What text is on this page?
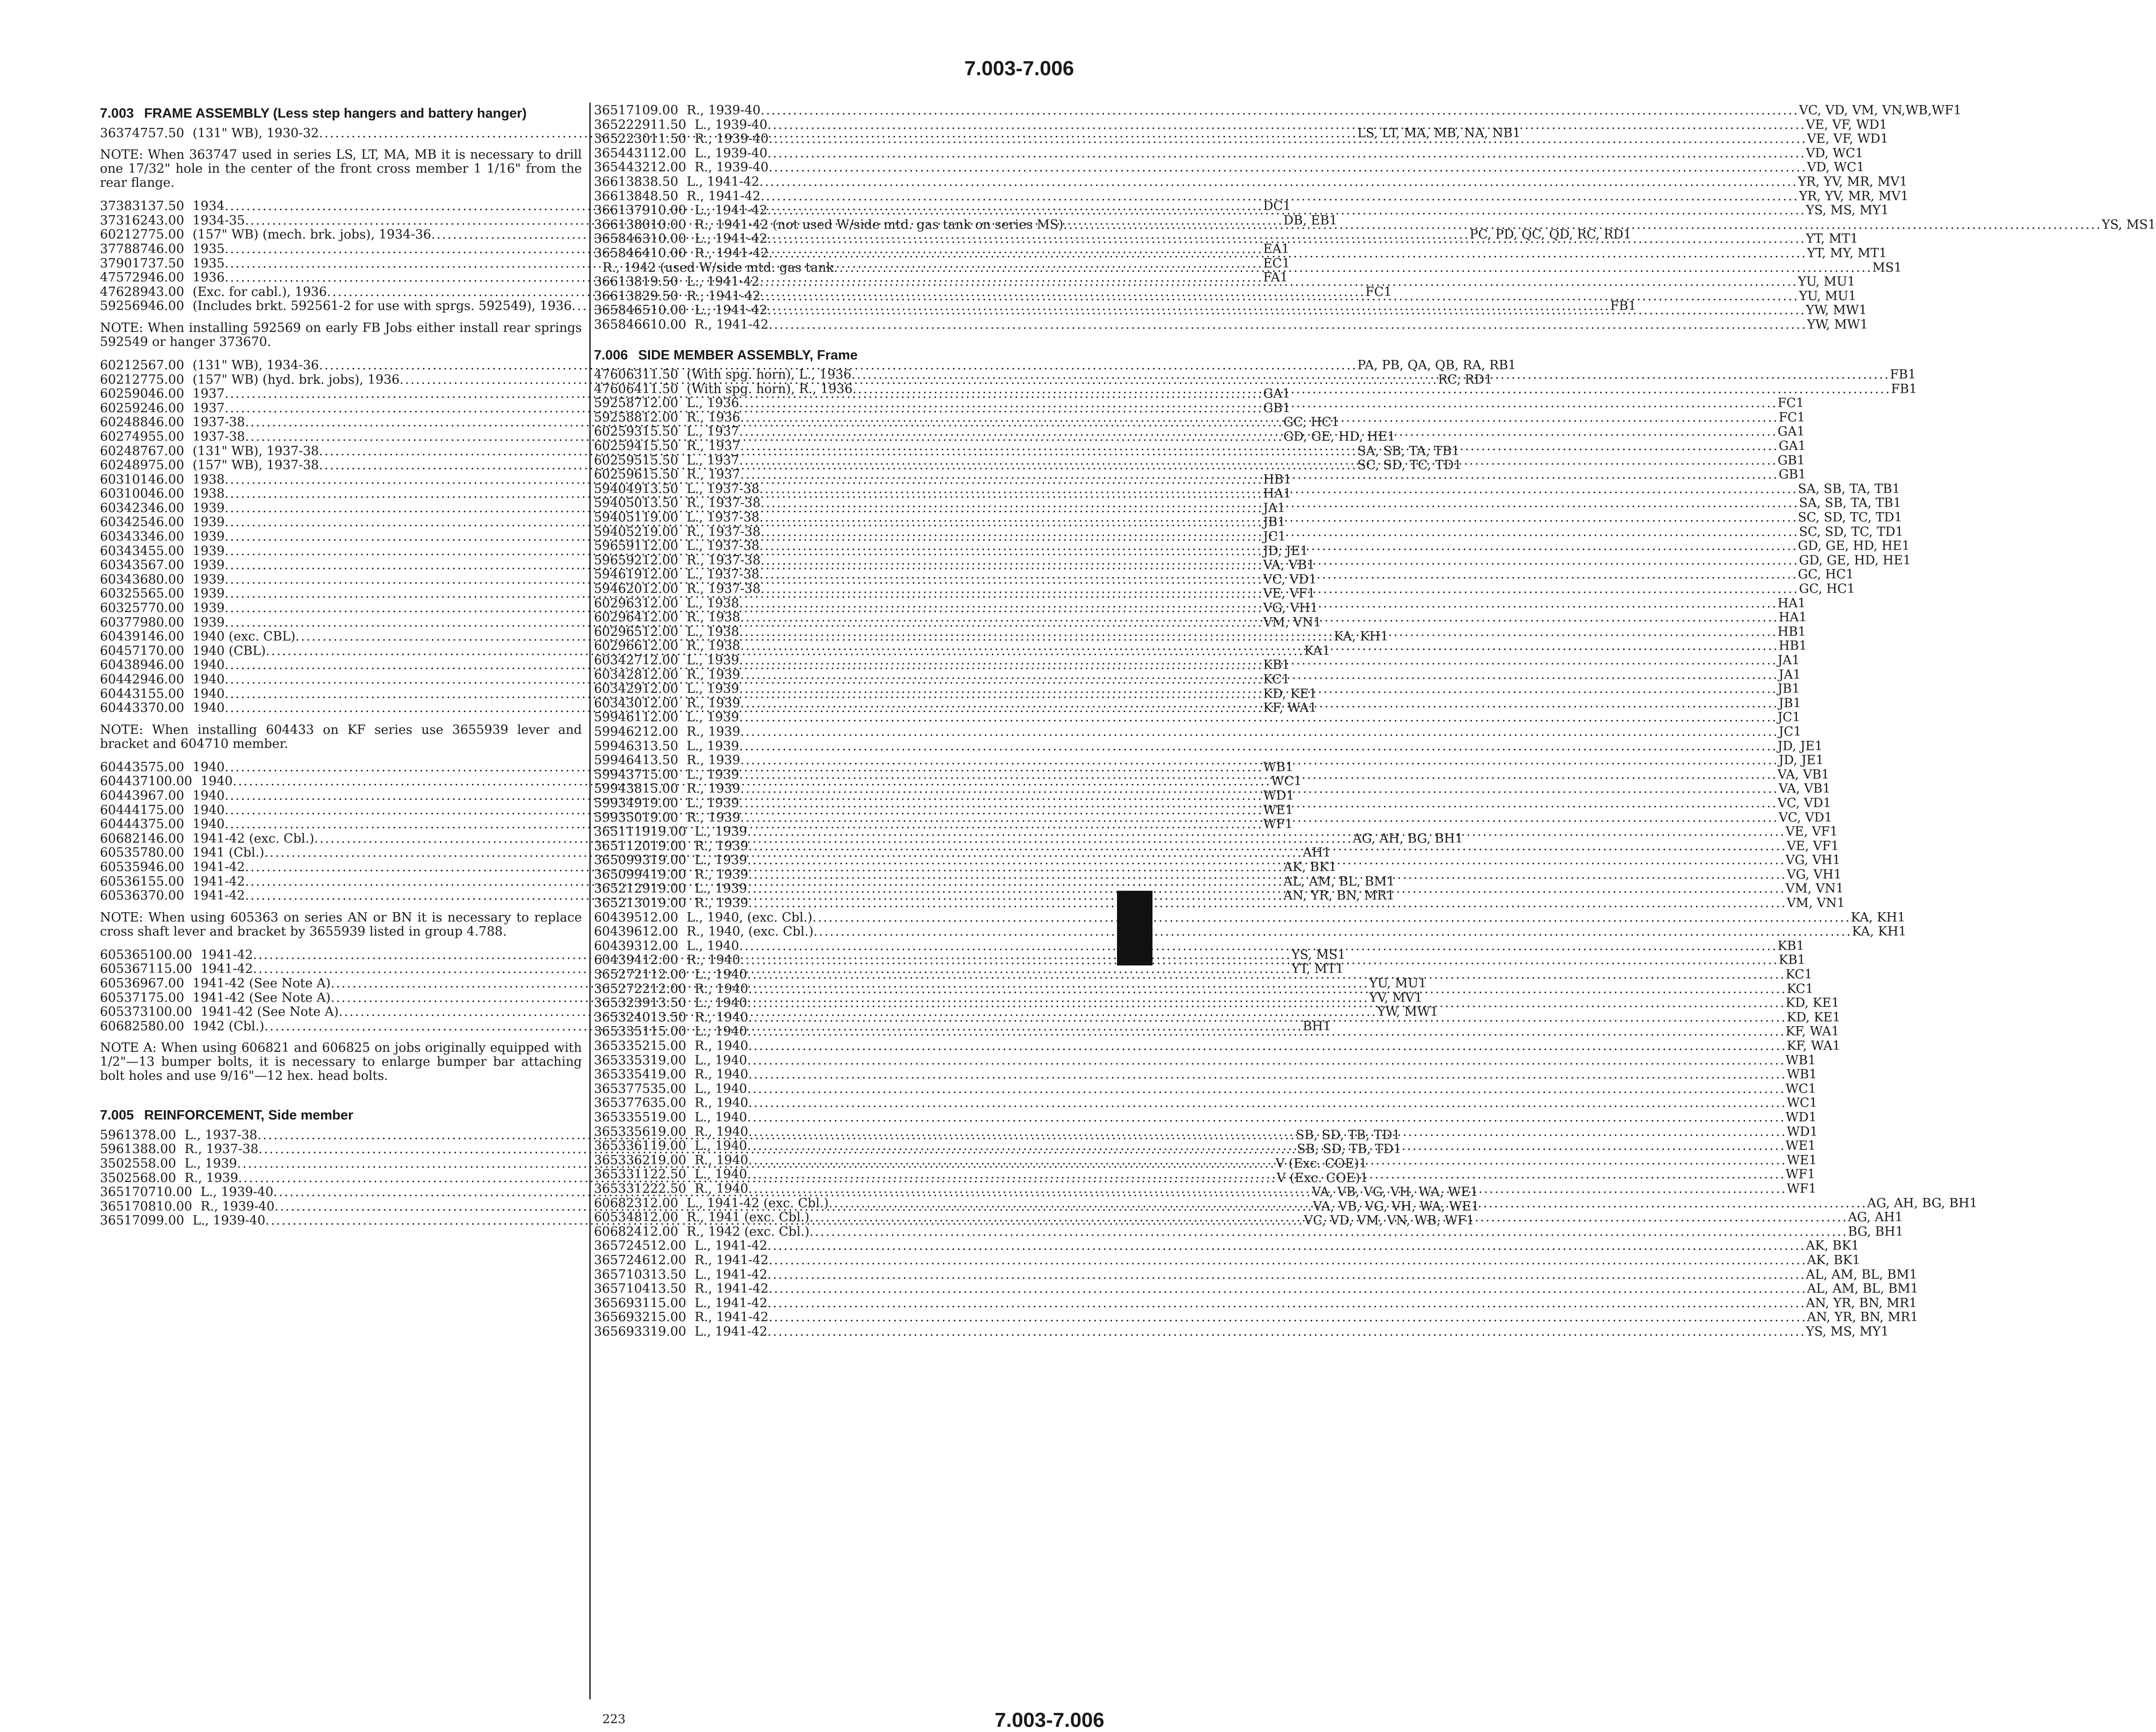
7.003-7.006
7.003 FRAME ASSEMBLY (Less step hangers and battery hanger)
363747 57.50 (131" WB), 1930-32 .....	LS, LT, MA, MB, NA, NB 1
NOTE: When 363747 used in series LS, LT, MA, MB it is necessary to drill one 17/32" hole in the center of the front cross member 1 1/16" from the rear flange.
373831 37.50 1934 .....	DC 1
373162 43.00 1934-35 .....	DB, EB 1
602127 75.00 (157" WB) (mech. brk. jobs), 1934-36 .....	PC, PD, QC, QD, RC, RD 1
377887 46.00 1935 .....	EA 1
379017 37.50 1935 .....	EC 1
475729 46.00 1936 .....	FA 1
476289 43.00 (Exc. for cabl.), 1936 .....	FC 1
592569 46.00 (Includes brkt. 592561-2 for use with sprgs. 592549), 1936 .....	FB 1
NOTE: When installing 592569 on early FB Jobs either install rear springs 592549 or hanger 373670.
602125 67.00 (131" WB), 1934-36 .....	PA, PB, QA, QB, RA, RB 1
602127 75.00 (157" WB) (hyd. brk. jobs), 1936 .....	RC, RD 1
602590 46.00 1937 .....	GA 1
602592 46.00 1937 .....	GB 1
602488 46.00 1937-38 .....	GC, HC 1
602749 55.00 1937-38 .....	GD, GE, HD, HE 1
602487 67.00 (131" WB), 1937-38 .....	SA, SB, TA, TB 1
602489 75.00 (157" WB), 1937-38 .....	SC, SD, TC, TD 1
603101 46.00 1938 .....	HB 1
603100 46.00 1938 .....	HA 1
603423 46.00 1939 .....	JA 1
603425 46.00 1939 .....	JB 1
603433 46.00 1939 .....	JC 1
603434 55.00 1939 .....	JD, JE 1
603435 67.00 1939 .....	VA, VB 1
603436 80.00 1939 .....	VC, VD 1
603255 65.00 1939 .....	VE, VF 1
603257 70.00 1939 .....	VG, VH 1
603779 80.00 1939 .....	VM, VN 1
604391 46.00 1940 (exc. CBL) .....	KA, KH 1
604571 70.00 1940 (CBL) .....	KA 1
604389 46.00 1940 .....	KB 1
604429 46.00 1940 .....	KC 1
604431 55.00 1940 .....	KD, KE 1
604433 70.00 1940 .....	KF, WA 1
NOTE: When installing 604433 on KF series use 3655939 lever and bracket and 604710 member.
604435 75.00 1940 .....	WB 1
604437 100.00 1940 .....	WC 1
604439 67.00 1940 .....	WD 1
604441 75.00 1940 .....	WE 1
604443 75.00 1940 .....	WF 1
606821 46.00 1941-42 (exc. Cbl.) .....	AG, AH, BG, BH 1
605357 80.00 1941 (Cbl.) .....	AH 1
605359 46.00 1941-42 .....	AK, BK 1
605361 55.00 1941-42 .....	AL, AM, BL, BM 1
605363 70.00 1941-42 .....	AN, YR, BN, MR 1
NOTE: When using 605363 on series AN or BN it is necessary to replace cross shaft lever and bracket by 3655939 listed in group 4.788.
605365 100.00 1941-42 .....	YS, MS 1
605367 115.00 1941-42 .....	YT, MT 1
605369 67.00 1941-42 (See Note A) .....	YU, MU 1
605371 75.00 1941-42 (See Note A) .....	YV, MV 1
605373 100.00 1941-42 (See Note A) .....	YW, MW 1
606825 80.00 1942 (Cbl.) .....	BH 1
NOTE A: When using 606821 and 606825 on jobs originally equipped with 1/2"—13 bumper bolts, it is necessary to enlarge bumper bar attaching bolt holes and use 9/16"—12 hex. head bolts.
7.005 REINFORCEMENT, Side member
596137 8.00 L., 1937-38 .....	SB, SD, TB, TD 1
596138 8.00 R., 1937-38 .....	SB, SD, TB, TD 1
350255 8.00 L., 1939 .....	V (Exc. COE) 1
350256 8.00 R., 1939 .....	V (Exc. COE) 1
3651707 10.00 L., 1939-40 .....	VA, VB, VG, VH, WA, WE 1
3651708 10.00 R., 1939-40 .....	VA, VB, VG, VH, WA, WE 1
3651709 9.00 L., 1939-40 .....	VC, VD, VM, VN, WB, WF 1
3651710 9.00 R., 1939-40 .....	VC, VD, VM, VN,WB,WF 1
3652229 11.50 L., 1939-40 .....	VE, VF, WD 1
3652230 11.50 R., 1939-40 .....	VE, VF, WD 1
3654431 12.00 L., 1939-40 .....	VD, WC 1
3654432 12.00 R., 1939-40 .....	VD, WC 1
3661383 8.50 L., 1941-42 .....	YR, YV, MR, MV 1
3661384 8.50 R., 1941-42 .....	YR, YV, MR, MV 1
3661379 10.00 L., 1941-42 .....	YS, MS, MY 1
3661380 10.00 R., 1941-42 (not used W/side mtd. gas tank on series MS) .....	YS, MS 1
3658463 10.00 L., 1941-42 .....	YT, MT 1
3658464 10.00 R., 1941-42 .....	YT, MY, MT 1
R., 1942 (used W/side mtd. gas tank .....	MS 1
3661381 9.50 L., 1941-42 .....	YU, MU 1
3661382 9.50 R., 1941-42 .....	YU, MU 1
3658465 10.00 L., 1941-42 .....	YW, MW 1
3658466 10.00 R., 1941-42 .....	YW, MW 1
7.006 SIDE MEMBER ASSEMBLY, Frame
476063 11.50 (With spg. horn), L., 1936 .....	FB 1
476064 11.50 (With spg. horn), R., 1936 .....	FB 1
592587 12.00 L., 1936 .....	FC 1
592588 12.00 R., 1936 .....	FC 1
602593 15.50 L., 1937 .....	GA 1
602594 15.50 R., 1937 .....	GA 1
602595 15.50 L., 1937 .....	GB 1
602596 15.50 R., 1937 .....	GB 1
594049 13.50 L., 1937-38 .....	SA, SB, TA, TB 1
594050 13.50 R., 1937-38 .....	SA, SB, TA, TB 1
594051 19.00 L., 1937-38 .....	SC, SD, TC, TD 1
594052 19.00 R., 1937-38 .....	SC, SD, TC, TD 1
596591 12.00 L., 1937-38 .....	GD, GE, HD, HE 1
596592 12.00 R., 1937-38 .....	GD, GE, HD, HE 1
594619 12.00 L., 1937-38 .....	GC, HC 1
594620 12.00 R., 1937-38 .....	GC, HC 1
602963 12.00 L., 1938 .....	HA 1
602964 12.00 R., 1938 .....	HA 1
602965 12.00 L., 1938 .....	HB 1
602966 12.00 R., 1938 .....	HB 1
603427 12.00 L., 1939 .....	JA 1
603428 12.00 R., 1939 .....	JA 1
603429 12.00 L., 1939 .....	JB 1
603430 12.00 R., 1939 .....	JB 1
599461 12.00 L., 1939 .....	JC 1
599462 12.00 R., 1939 .....	JC 1
599463 13.50 L., 1939 .....	JD, JE 1
599464 13.50 R., 1939 .....	JD, JE 1
599437 15.00 L., 1939 .....	VA, VB 1
599438 15.00 R., 1939 .....	VA, VB 1
599349 19.00 L., 1939 .....	VC, VD 1
599350 19.00 R., 1939 .....	VC, VD 1
3651119 19.00 L., 1939 .....	VE, VF 1
3651120 19.00 R., 1939 .....	VE, VF 1
3650993 19.00 L., 1939 .....	VG, VH 1
3650994 19.00 R., 1939 .....	VG, VH 1
3652129 19.00 L., 1939 .....	VM, VN 1
3652130 19.00 R., 1939 .....	VM, VN 1
604395 12.00 L., 1940, (exc. Cbl.) .....	KA, KH 1
604396 12.00 R., 1940, (exc. Cbl.) .....	KA, KH 1
604393 12.00 L., 1940 .....	KB 1
604394 12.00 R., 1940 .....	KB 1
3652721 12.00 L., 1940 .....	KC 1
3652722 12.00 R., 1940 .....	KC 1
3653239 13.50 L., 1940 .....	KD, KE 1
3653240 13.50 R., 1940 .....	KD, KE 1
3653351 15.00 L., 1940 .....	KF, WA 1
3653352 15.00 R., 1940 .....	KF, WA 1
3653353 19.00 L., 1940 .....	WB 1
3653354 19.00 R., 1940 .....	WB 1
3653775 35.00 L., 1940 .....	WC 1
3653776 35.00 R., 1940 .....	WC 1
3653355 19.00 L., 1940 .....	WD 1
3653356 19.00 R., 1940 .....	WD 1
3653361 19.00 L., 1940 .....	WE 1
3653362 19.00 R., 1940 .....	WE 1
3653311 22.50 L., 1940 .....	WF 1
3653312 22.50 R., 1940 .....	WF 1
606823 12.00 L., 1941-42 (exc. Cbl.) .....	AG, AH, BG, BH 1
605348 12.00 R., 1941 (exc. Cbl.) .....	AG, AH 1
606824 12.00 R., 1942 (exc. Cbl.) .....	BG, BH 1
3657245 12.00 L., 1941-42 .....	AK, BK 1
3657246 12.00 R., 1941-42 .....	AK, BK 1
3657103 13.50 L., 1941-42 .....	AL, AM, BL, BM 1
3657104 13.50 R., 1941-42 .....	AL, AM, BL, BM 1
3656931 15.00 L., 1941-42 .....	AN, YR, BN, MR 1
3656932 15.00 R., 1941-42 .....	AN, YR, BN, MR 1
3656933 19.00 L., 1941-42 .....	YS, MS, MY 1
223	7.003-7.006
